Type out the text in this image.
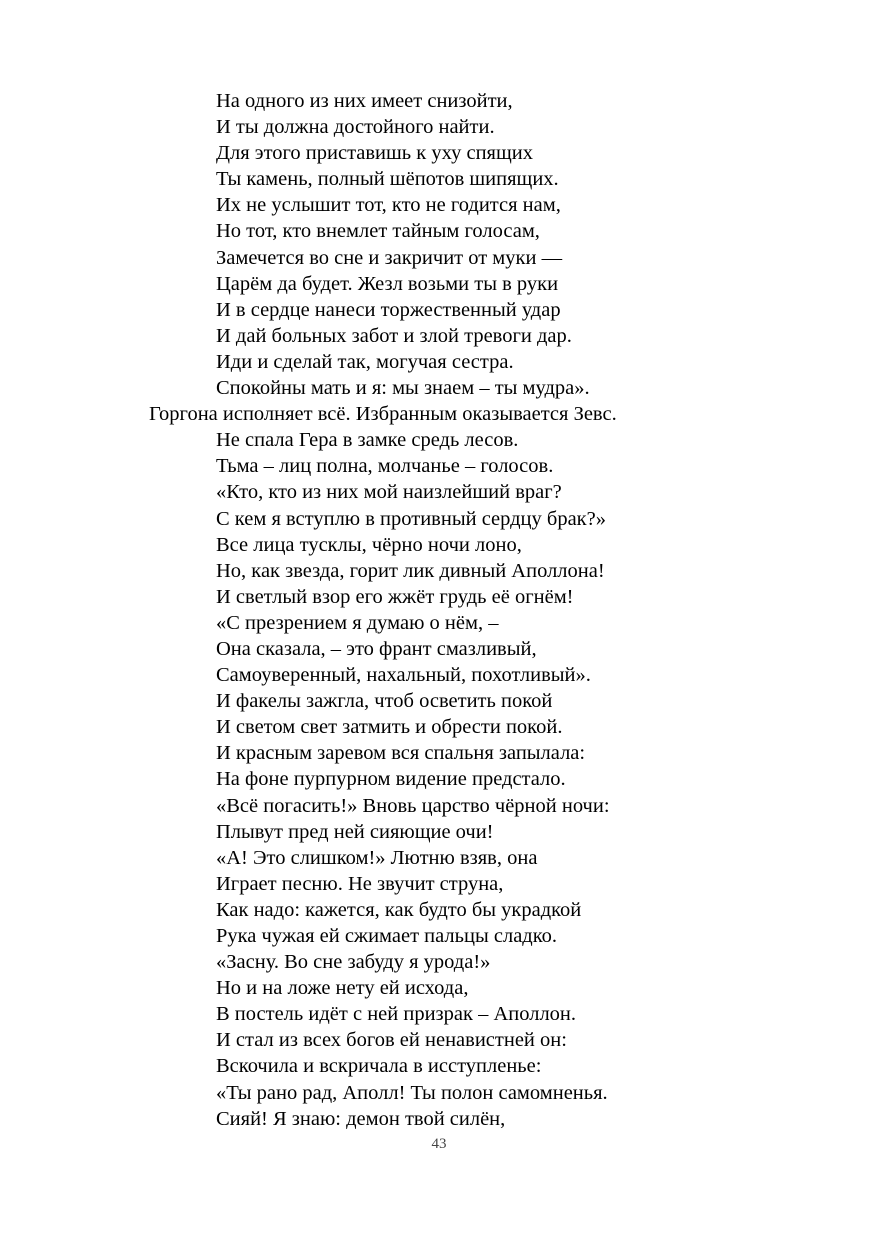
На одного из них имеет снизойти,
И ты должна достойного найти.
Для этого приставишь к уху спящих
Ты камень, полный шёпотов шипящих.
Их не услышит тот, кто не годится нам,
Но тот, кто внемлет тайным голосам,
Замечется во сне и закричит от муки —
Царём да будет. Жезл возьми ты в руки
И в сердце нанеси торжественный удар
И дай больных забот и злой тревоги дар.
Иди и сделай так, могучая сестра.
Спокойны мать и я: мы знаем – ты мудра».
Горгона исполняет всё. Избранным оказывается Зевс.
Не спала Гера в замке средь лесов.
Тьма – лиц полна, молчанье – голосов.
«Кто, кто из них мой наизлейший враг?
С кем я вступлю в противный сердцу брак?»
Все лица тусклы, чёрно ночи лоно,
Но, как звезда, горит лик дивный Аполлона!
И светлый взор его жжёт грудь её огнём!
«С презрением я думаю о нём, –
Она сказала, – это франт смазливый,
Самоуверенный, нахальный, похотливый».
И факелы зажгла, чтоб осветить покой
И светом свет затмить и обрести покой.
И красным заревом вся спальня запылала:
На фоне пурпурном видение предстало.
«Всё погасить!» Вновь царство чёрной ночи:
Плывут пред ней сияющие очи!
«А! Это слишком!» Лютню взяв, она
Играет песню. Не звучит струна,
Как надо: кажется, как будто бы украдкой
Рука чужая ей сжимает пальцы сладко.
«Засну. Во сне забуду я урода!»
Но и на ложе нету ей исхода,
В постель идёт с ней призрак – Аполлон.
И стал из всех богов ей ненавистней он:
Вскочила и вскричала в исступленье:
«Ты рано рад, Аполл! Ты полон самомненья.
Сияй! Я знаю: демон твой силён,
43
